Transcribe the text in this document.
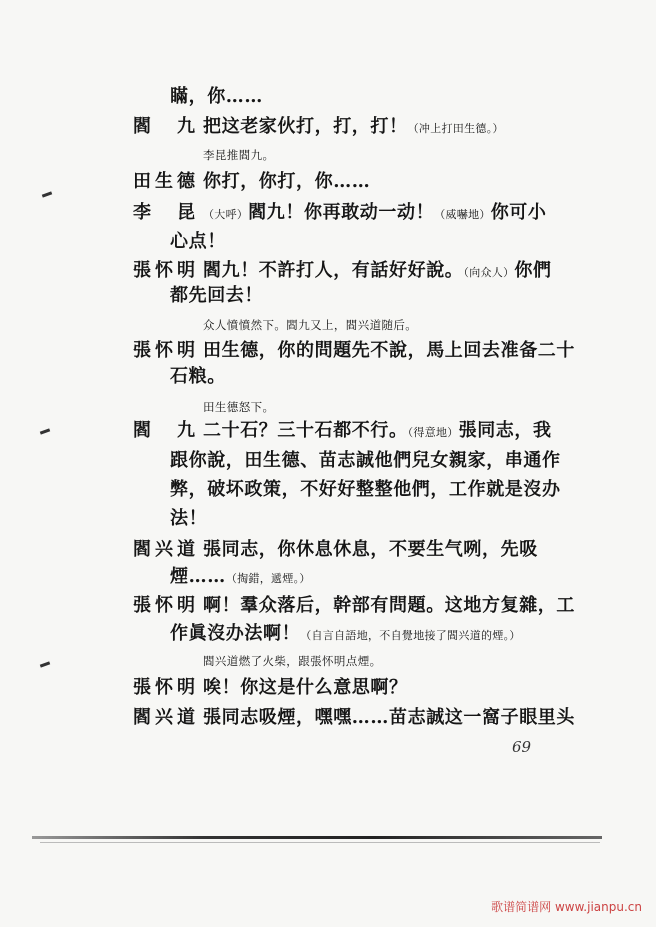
瞞，你……
閻九 把这老家伙打，打，打！（冲上打田生德。）
李昆推閻九。
田生德 你打，你打，你……
李昆 （大呼）閻九！你再敢动一动！（威嚇地）你可小
心点！
張怀明 閻九！不許打人，有話好好說。（向众人）你們
都先回去！
众人憤憤然下。閻九又上，閻兴道随后。
張怀明 田生德，你的問題先不說，馬上回去准备二十
石粮。
田生德怒下。
閻九 二十石？三十石都不行。（得意地）張同志，我
跟你說，田生德、苗志誠他們兒女親家，串通作
弊，破坏政策，不好好整整他們，工作就是沒办
法！
閻兴道 張同志，你休息休息，不要生气咧，先吸
煙……（掏錯，遞煙。）
張怀明 啊！羣众落后，幹部有問題。这地方复雜，工
作眞沒办法啊！（自言自語地，不自覺地接了閻兴道的煙。）
閻兴道燃了火柴，跟張怀明点煙。
張怀明 唉！你这是什么意思啊？
閻兴道 張同志吸煙，嘿嘿……苗志誠这一窩子眼里头
69
歌谱简谱网 www.jianpu.cn
